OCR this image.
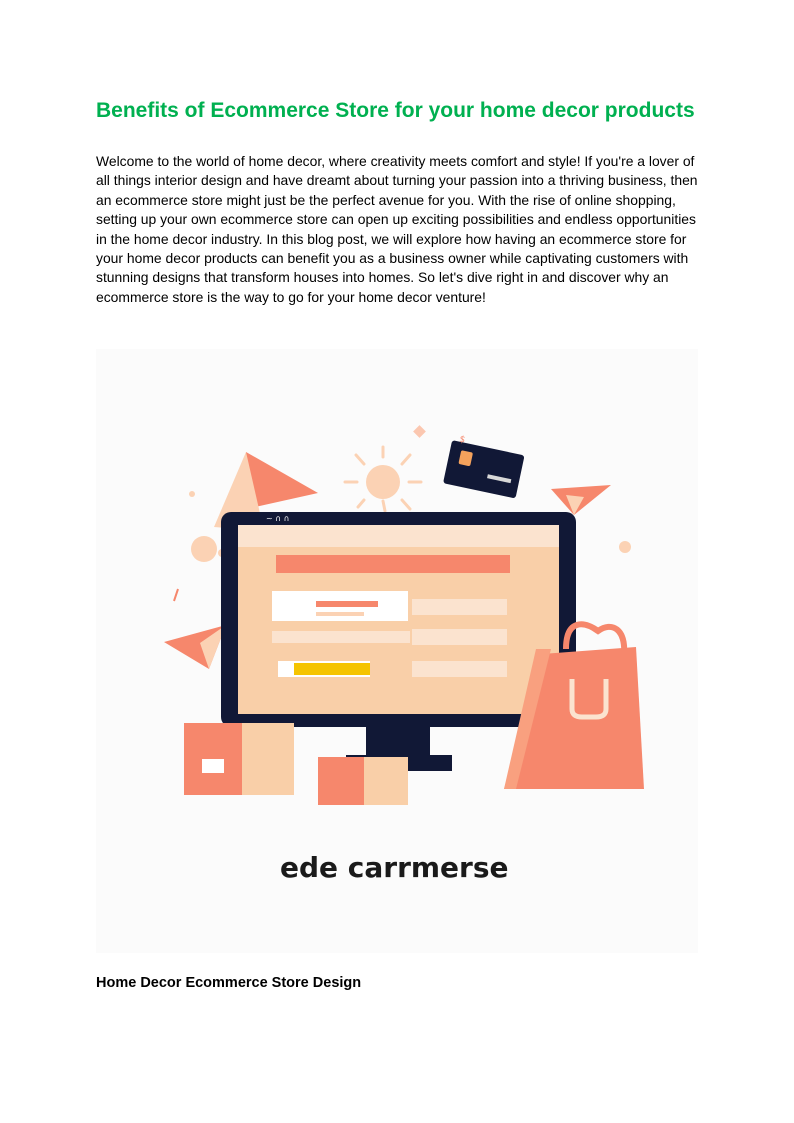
Benefits of Ecommerce Store for your home decor products

Welcome to the world of home decor, where creativity meets comfort and style! If you're a lover of all things interior design and have dreamt about turning your passion into a thriving business, then an ecommerce store might just be the perfect avenue for you. With the rise of online shopping, setting up your own ecommerce store can open up exciting possibilities and endless opportunities in the home decor industry. In this blog post, we will explore how having an ecommerce store for your home decor products can benefit you as a business owner while captivating customers with stunning designs that transform houses into homes. So let's dive right in and discover why an ecommerce store is the way to go for your home decor venture!

$
~ ∩ ∩
ede carrmerse
Home Decor Ecommerce Store Design
